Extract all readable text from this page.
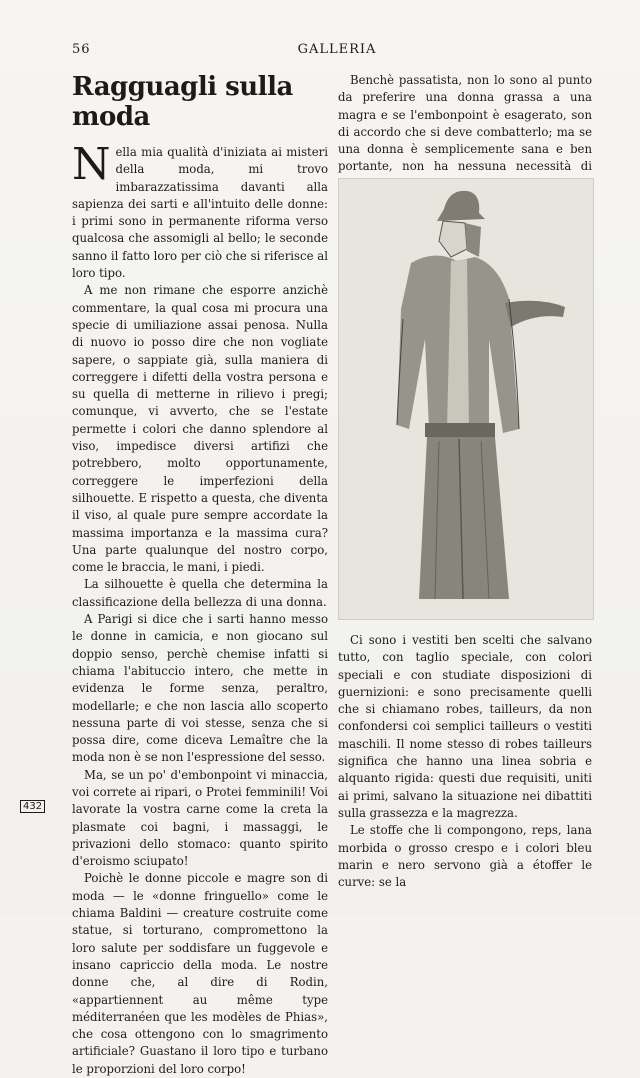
56	GALLERIA
Ragguagli sulla moda

Nella mia qualità d'iniziata ai misteri della moda, mi trovo imbarazzatissima davanti alla sapienza dei sarti e all'intuito delle donne: i primi sono in permanente riforma verso qualcosa che assomigli al bello; le seconde sanno il fatto loro per ciò che si riferisce al loro tipo.

A me non rimane che esporre anzichè commentare, la qual cosa mi procura una specie di umiliazione assai penosa. Nulla di nuovo io posso dire che non vogliate sapere, o sappiate già, sulla maniera di correggere i difetti della vostra persona e su quella di metterne in rilievo i pregi; comunque, vi avverto, che se l'estate permette i colori che danno splendore al viso, impedisce diversi artifizi che potrebbero, molto opportunamente, correggere le imperfezioni della silhouette. E rispetto a questa, che diventa il viso, al quale pure sempre accordate la massima importanza e la massima cura? Una parte qualunque del nostro corpo, come le braccia, le mani, i piedi.

La silhouette è quella che determina la classificazione della bellezza di una donna.

A Parigi si dice che i sarti hanno messo le donne in camicia, e non giocano sul doppio senso, perchè chemise infatti si chiama l'abituccio intero, che mette in evidenza le forme senza, peraltro, modellarle; e che non lascia allo scoperto nessuna parte di voi stesse, senza che si possa dire, come diceva Lemaître che la moda non è se non l'espressione del sesso.

Ma, se un po' d'embonpoint vi minaccia, voi correte ai ripari, o Protei femminili! Voi lavorate la vostra carne come la creta la plasmate coi bagni, i massaggi, le privazioni dello stomaco: quanto spirito d'eroismo sciupato!

Poichè le donne piccole e magre son di moda — le «donne fringuello» come le chiama Baldini — creature costruite come statue, si torturano, compromettono la loro salute per soddisfare un fuggevole e insano capriccio della moda. Le nostre donne che, al dire di Rodin, «appartiennent au même type méditerranéen que les modèles de Phias», che cosa ottengono con lo smagrimento artificiale? Guastano il loro tipo e turbano le proporzioni del loro corpo!

Benchè passatista, non lo sono al punto da preferire una donna grassa a una magra e se l'embonpoint è esagerato, son di accordo che si deve combatterlo; ma se una donna è semplicemente sana e ben portante, non ha nessuna necessità di

Ci sono i vestiti ben scelti che salvano tutto, con taglio speciale, con colori speciali e con studiate disposizioni di guernizioni: e sono precisamente quelli che si chiamano robes, tailleurs, da non confondersi coi semplici tailleurs o vestiti maschili. Il nome stesso di robes tailleurs significa che hanno una linea sobria e alquanto rigida: questi due requisiti, uniti ai primi, salvano la situazione nei dibattiti sulla grassezza e la magrezza.

Le stoffe che li compongono, reps, lana morbida o grosso crespo e i colori bleu marin e nero servono già a étoffer le curve: se la

432
